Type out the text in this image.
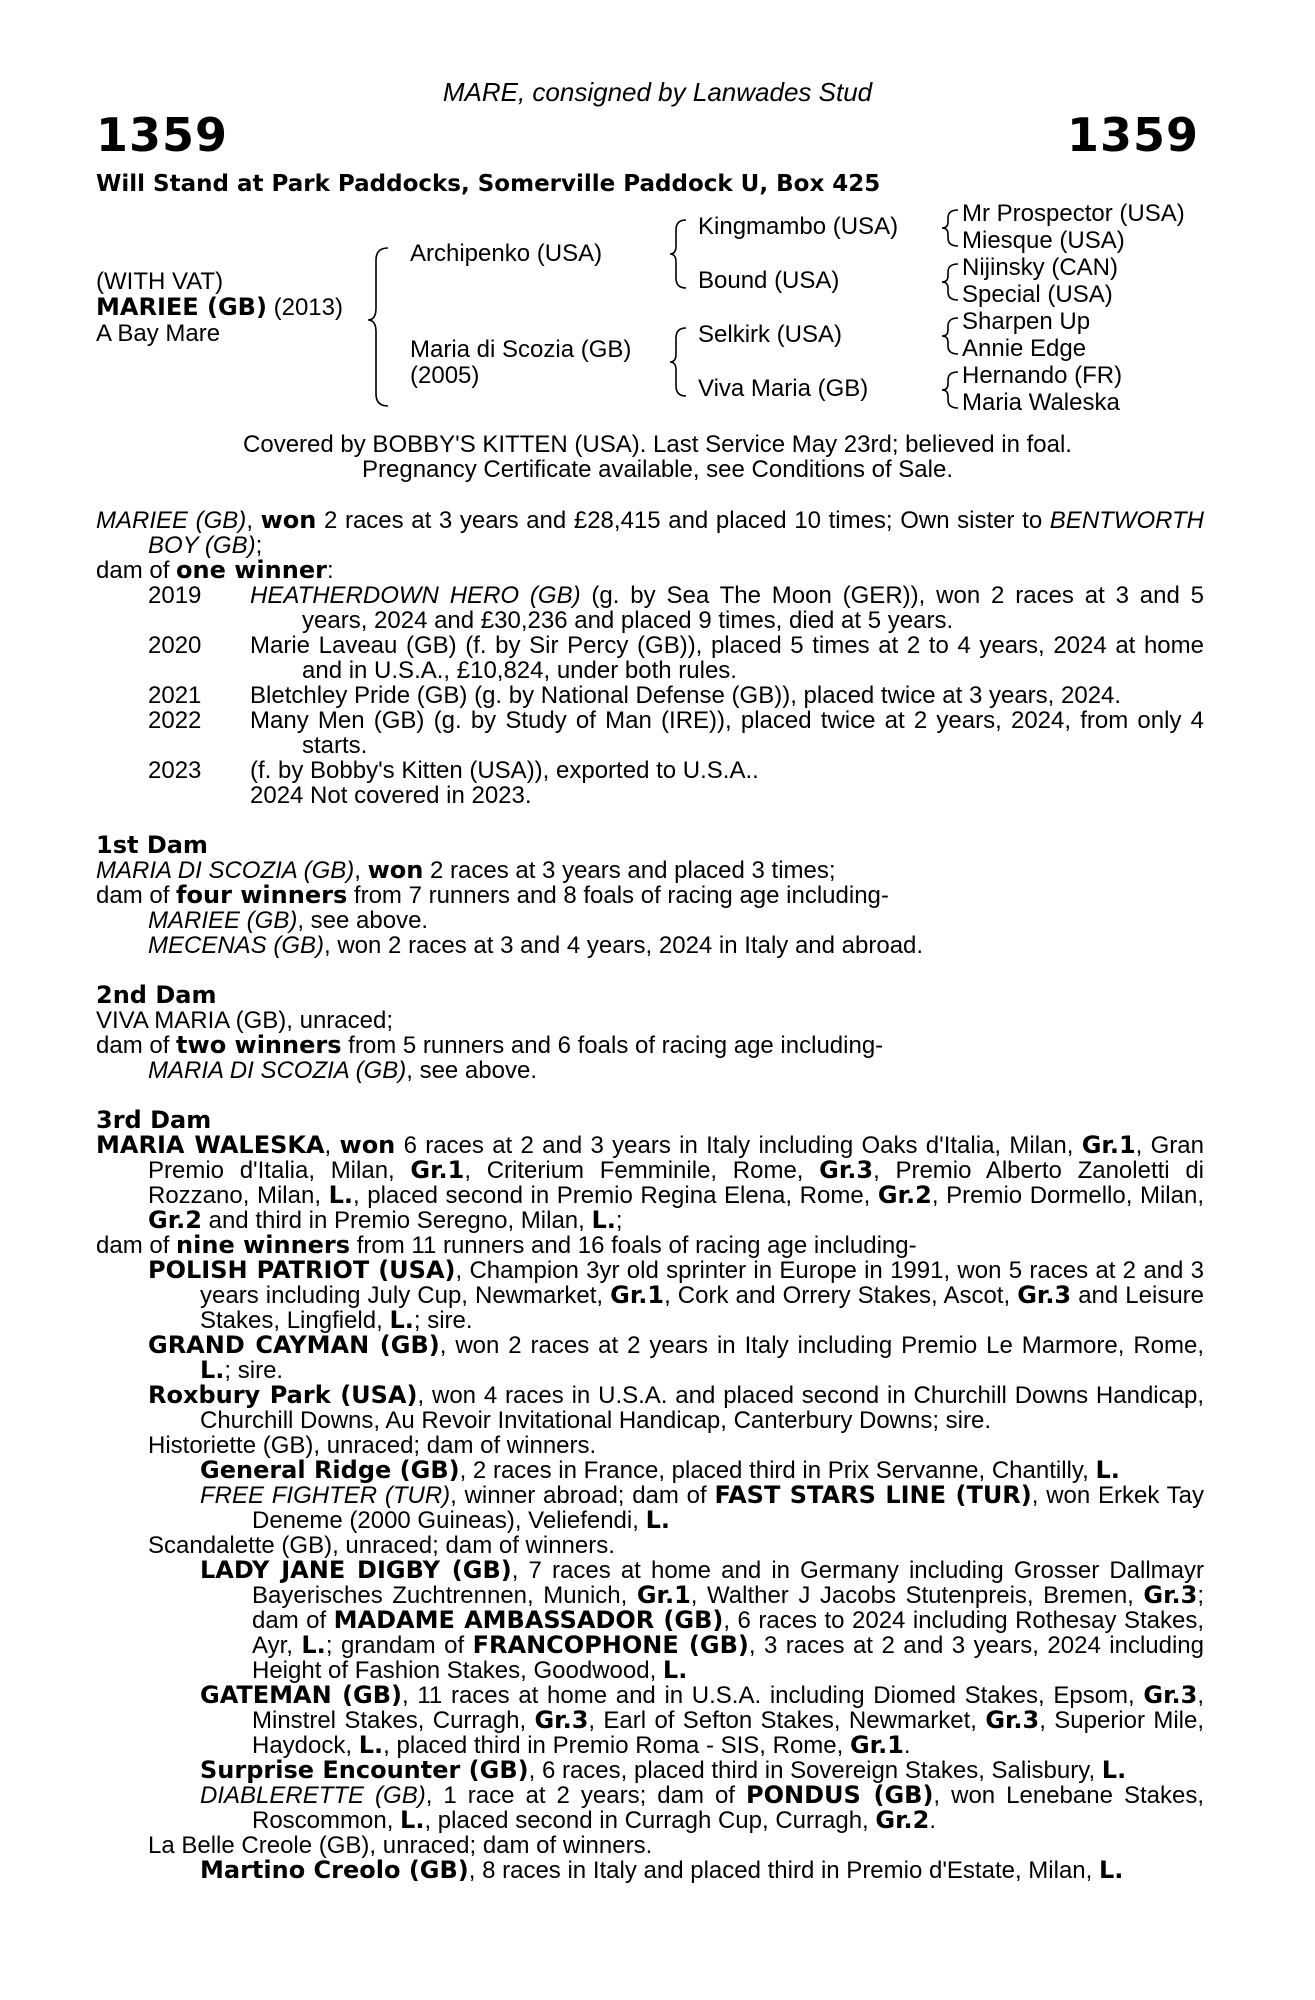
MARE, consigned by Lanwades Stud
1359	1359
Will Stand at Park Paddocks, Somerville Paddock U, Box 425
(WITH VAT)
MARIEE (GB) (2013)
A Bay Mare
Archipenko (USA)
Maria di Scozia (GB)
(2005)
Kingmambo (USA)
Bound (USA)
Selkirk (USA)
Viva Maria (GB)
Mr Prospector (USA)
Miesque (USA)
Nijinsky (CAN)
Special (USA)
Sharpen Up
Annie Edge
Hernando (FR)
Maria Waleska
Covered by BOBBY'S KITTEN (USA). Last Service May 23rd; believed in foal.
Pregnancy Certificate available, see Conditions of Sale.
MARIEE (GB), won 2 races at 3 years and £28,415 and placed 10 times; Own sister to BENTWORTH BOY (GB);
dam of one winner:
2019	HEATHERDOWN HERO (GB) (g. by Sea The Moon (GER)), won 2 races at 3 and 5 years, 2024 and £30,236 and placed 9 times, died at 5 years.
2020	Marie Laveau (GB) (f. by Sir Percy (GB)), placed 5 times at 2 to 4 years, 2024 at home and in U.S.A., £10,824, under both rules.
2021	Bletchley Pride (GB) (g. by National Defense (GB)), placed twice at 3 years, 2024.
2022	Many Men (GB) (g. by Study of Man (IRE)), placed twice at 2 years, 2024, from only 4 starts.
2023	(f. by Bobby's Kitten (USA)), exported to U.S.A..
2024 Not covered in 2023.
1st Dam
MARIA DI SCOZIA (GB), won 2 races at 3 years and placed 3 times;
dam of four winners from 7 runners and 8 foals of racing age including-
MARIEE (GB), see above.
MECENAS (GB), won 2 races at 3 and 4 years, 2024 in Italy and abroad.
2nd Dam
VIVA MARIA (GB), unraced;
dam of two winners from 5 runners and 6 foals of racing age including-
MARIA DI SCOZIA (GB), see above.
3rd Dam
MARIA WALESKA, won 6 races at 2 and 3 years in Italy including Oaks d'Italia, Milan, Gr.1, Gran Premio d'Italia, Milan, Gr.1, Criterium Femminile, Rome, Gr.3, Premio Alberto Zanoletti di Rozzano, Milan, L., placed second in Premio Regina Elena, Rome, Gr.2, Premio Dormello, Milan, Gr.2 and third in Premio Seregno, Milan, L.;
dam of nine winners from 11 runners and 16 foals of racing age including-
POLISH PATRIOT (USA), Champion 3yr old sprinter in Europe in 1991, won 5 races at 2 and 3 years including July Cup, Newmarket, Gr.1, Cork and Orrery Stakes, Ascot, Gr.3 and Leisure Stakes, Lingfield, L.; sire.
GRAND CAYMAN (GB), won 2 races at 2 years in Italy including Premio Le Marmore, Rome, L.; sire.
Roxbury Park (USA), won 4 races in U.S.A. and placed second in Churchill Downs Handicap, Churchill Downs, Au Revoir Invitational Handicap, Canterbury Downs; sire.
Historiette (GB), unraced; dam of winners.
General Ridge (GB), 2 races in France, placed third in Prix Servanne, Chantilly, L.
FREE FIGHTER (TUR), winner abroad; dam of FAST STARS LINE (TUR), won Erkek Tay Deneme (2000 Guineas), Veliefendi, L.
Scandalette (GB), unraced; dam of winners.
LADY JANE DIGBY (GB), 7 races at home and in Germany including Grosser Dallmayr Bayerisches Zuchtrennen, Munich, Gr.1, Walther J Jacobs Stutenpreis, Bremen, Gr.3; dam of MADAME AMBASSADOR (GB), 6 races to 2024 including Rothesay Stakes, Ayr, L.; grandam of FRANCOPHONE (GB), 3 races at 2 and 3 years, 2024 including Height of Fashion Stakes, Goodwood, L.
GATEMAN (GB), 11 races at home and in U.S.A. including Diomed Stakes, Epsom, Gr.3, Minstrel Stakes, Curragh, Gr.3, Earl of Sefton Stakes, Newmarket, Gr.3, Superior Mile, Haydock, L., placed third in Premio Roma - SIS, Rome, Gr.1.
Surprise Encounter (GB), 6 races, placed third in Sovereign Stakes, Salisbury, L.
DIABLERETTE (GB), 1 race at 2 years; dam of PONDUS (GB), won Lenebane Stakes, Roscommon, L., placed second in Curragh Cup, Curragh, Gr.2.
La Belle Creole (GB), unraced; dam of winners.
Martino Creolo (GB), 8 races in Italy and placed third in Premio d'Estate, Milan, L.
